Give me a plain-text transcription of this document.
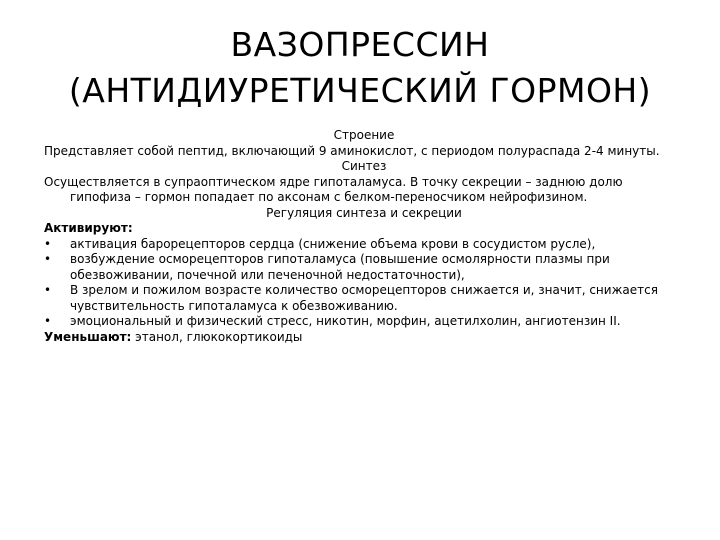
ВАЗОПРЕССИН
(АНТИДИУРЕТИЧЕСКИЙ ГОРМОН)
Строение
Представляет собой пептид, включающий 9 аминокислот, с периодом полураспада 2-4 минуты.
Синтез
Осуществляется в супраоптическом ядре гипоталамуса. В точку секреции – заднюю долю гипофиза – гормон попадает по аксонам с белком-переносчиком нейрофизином.
Регуляция синтеза и секреции
Активируют:
• активация барорецепторов сердца (снижение объема крови в сосудистом русле),
• возбуждение осморецепторов гипоталамуса (повышение осмолярности плазмы при обезвоживании, почечной или печеночной недостаточности),
• В зрелом и пожилом возрасте количество осморецепторов снижается и, значит, снижается чувствительность гипоталамуса к обезвоживанию.
• эмоциональный и физический стресс, никотин, морфин, ацетилхолин, ангиотензин II.
Уменьшают: этанол, глюкокортикоиды
